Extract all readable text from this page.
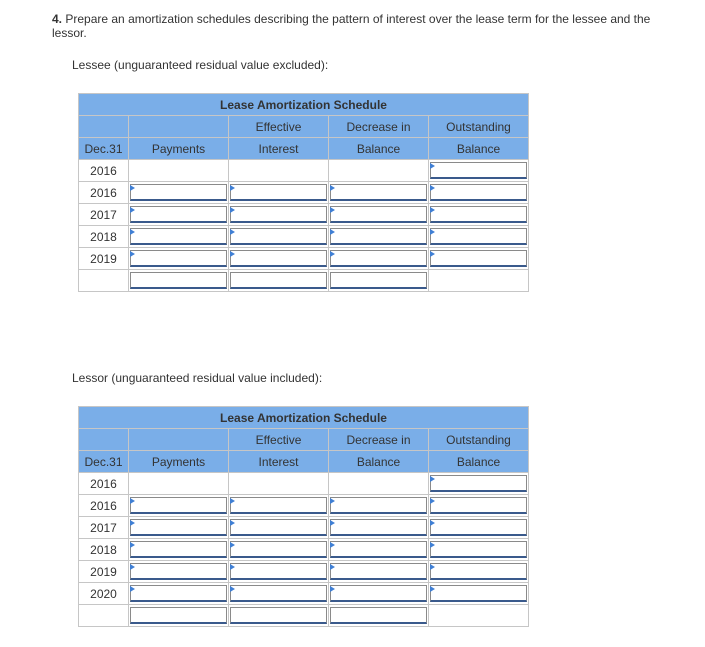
4. Prepare an amortization schedules describing the pattern of interest over the lease term for the lessee and the lessor.
Lessee (unguaranteed residual value excluded):
Lease Amortization Schedule				
		Effective	Decrease in	Outstanding
Dec.31	Payments	Interest	Balance	Balance
2016				

2016	

2017	

2018	

2019	

Lessor (unguaranteed residual value included):
Lease Amortization Schedule				
		Effective	Decrease in	Outstanding
Dec.31	Payments	Interest	Balance	Balance
2016				

2016	

2017	

2018	

2019	

2020	
